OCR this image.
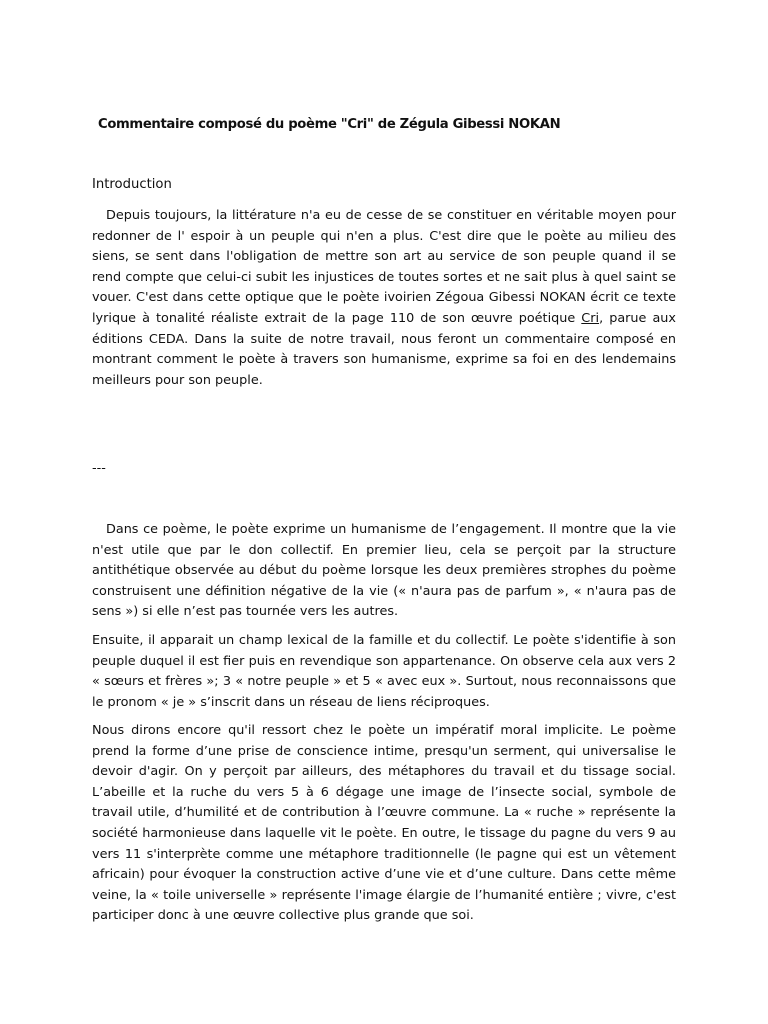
Commentaire composé du poème "Cri" de Zégula Gibessi NOKAN
Introduction

Depuis toujours, la littérature n'a eu de cesse de se constituer en véritable moyen pour redonner de l' espoir à un peuple qui n'en a plus. C'est dire que le poète au milieu des siens, se sent dans l'obligation de mettre son art au service de son peuple quand il se rend compte que celui-ci subit les injustices de toutes sortes et ne sait plus à quel saint se vouer. C'est dans cette optique que le poète ivoirien Zégoua Gibessi NOKAN écrit ce texte lyrique à tonalité réaliste extrait de la page 110 de son œuvre poétique Cri, parue aux éditions CEDA. Dans la suite de notre travail, nous feront un commentaire composé en montrant comment le poète à travers son humanisme, exprime sa foi en des lendemains meilleurs pour son peuple.

---

Dans ce poème, le poète exprime un humanisme de l’engagement. Il montre que la vie n'est utile que par le don collectif. En premier lieu, cela se perçoit par la structure antithétique observée au début du poème lorsque les deux premières strophes du poème construisent une définition négative de la vie (« n'aura pas de parfum », « n'aura pas de sens ») si elle n’est pas tournée vers les autres.

Ensuite, il apparait un champ lexical de la famille et du collectif. Le poète s'identifie à son peuple duquel il est fier puis en revendique son appartenance. On observe cela aux vers 2 « sœurs et frères »; 3 « notre peuple » et 5 « avec eux ». Surtout, nous reconnaissons que le pronom « je » s’inscrit dans un réseau de liens réciproques.

Nous dirons encore qu'il ressort chez le poète un impératif moral implicite. Le poème prend la forme d’une prise de conscience intime, presqu'un serment, qui universalise le devoir d'agir. On y perçoit par ailleurs, des métaphores du travail et du tissage social. L’abeille et la ruche du vers 5 à 6 dégage une image de l’insecte social, symbole de travail utile, d’humilité et de contribution à l’œuvre commune. La « ruche » représente la société harmonieuse dans laquelle vit le poète. En outre, le tissage du pagne du vers 9 au vers 11 s'interprète comme une métaphore traditionnelle (le pagne qui est un vêtement africain) pour évoquer la construction active d’une vie et d’une culture. Dans cette même veine, la « toile universelle » représente l'image élargie de l’humanité entière ; vivre, c'est participer donc à une œuvre collective plus grande que soi.
